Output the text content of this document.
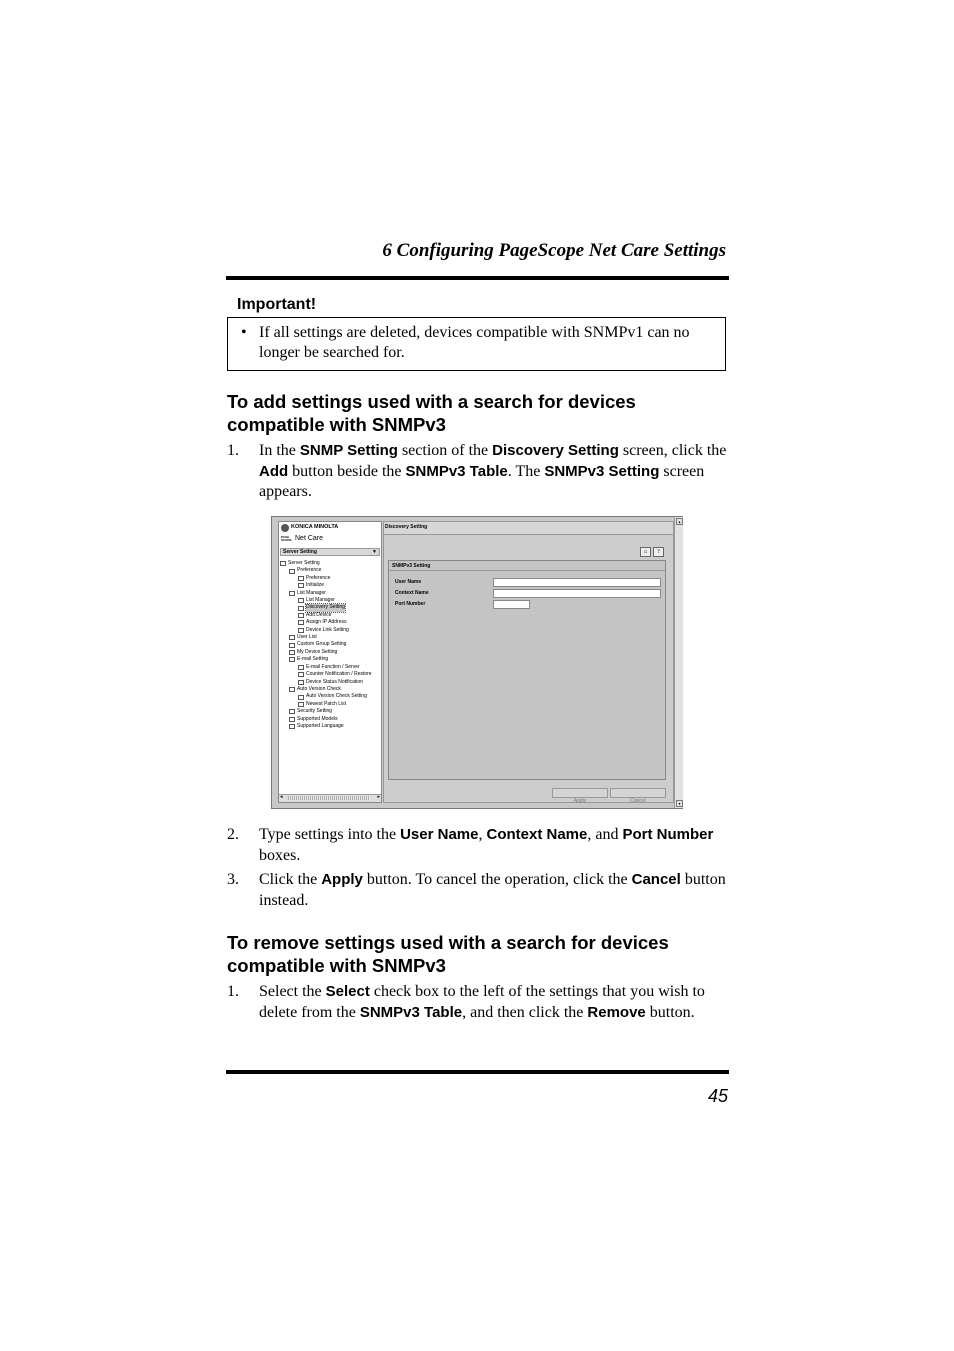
6 Configuring PageScope Net Care Settings
Important!
• If all settings are deleted, devices compatible with SNMPv1 can no longer be searched for.
To add settings used with a search for devices compatible with SNMPv3
1.	In the SNMP Setting section of the Discovery Setting screen, click the Add button beside the SNMPv3 Table. The SNMPv3 Setting screen appears.
KONICA MINOLTA
PAGE SCOPE Net Care
Server Setting	▼
Server Setting
Preference
Preference
Initialize
List Manager
List Manager
Discovery Setting
Add Device
Assign IP Address
Device Link Setting
User List
Custom Group Setting
My Device Setting
E-mail Setting
E-mail Function / Server
Counter Notification / Restore
Device Status Notification
Auto Version Check
Auto Version Check Setting
Newest Patch List
Security Setting
Supported Models
Supported Language
◂	▸
Discovery Setting
⌂	?
SNMPv3 Setting
User Name
Context Name
Port Number
Apply	Cancel
▴
▾
2.	Type settings into the User Name, Context Name, and Port Number boxes.
3.	Click the Apply button. To cancel the operation, click the Cancel button instead.
To remove settings used with a search for devices compatible with SNMPv3
1.	Select the Select check box to the left of the settings that you wish to delete from the SNMPv3 Table, and then click the Remove button.
45
